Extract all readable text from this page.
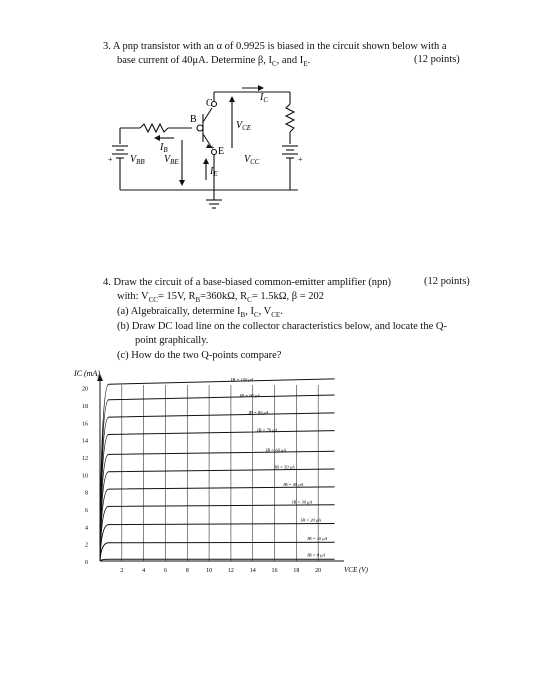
3. A pnp transistor with an α of 0.9925 is biased in the circuit shown below with a
base current of 40μA. Determine β, $I_C$, and $I_E$.	(12 points)
C
B
E
$I_C$
$V_{CE}$
$I_B$
$V_{BB}$ $V_{BE}$
$I_E$
$V_{CC}$
+
+	+
4. Draw the circuit of a base-biased common-emitter amplifier (npn)	(12 points)
with: $V_{CC}= 15V$, $R_B=360k\Omega$, $R_C= 1.5k\Omega$, β = 202
(a) Algebraically, determine $I_B$, $I_C$, $V_{CE}$.
(b) Draw DC load line on the collector characteristics below, and locate the Q-
point graphically.
(c) How do the two Q-points compare?
0
2
4
6
8
10
12
14
16
18
20
2	4	6	8	10	12	14	16	18	20
IC (mA)
VCE (V)
IB = 100 μA
IB = 90 μA
IB = 80 μA
IB = 70 μA
IB = 60 μA
IB = 50 μA
IB = 40 μA
IB = 30 μA
IB = 20 μA
IB = 10 μA
IB = 0 μA
